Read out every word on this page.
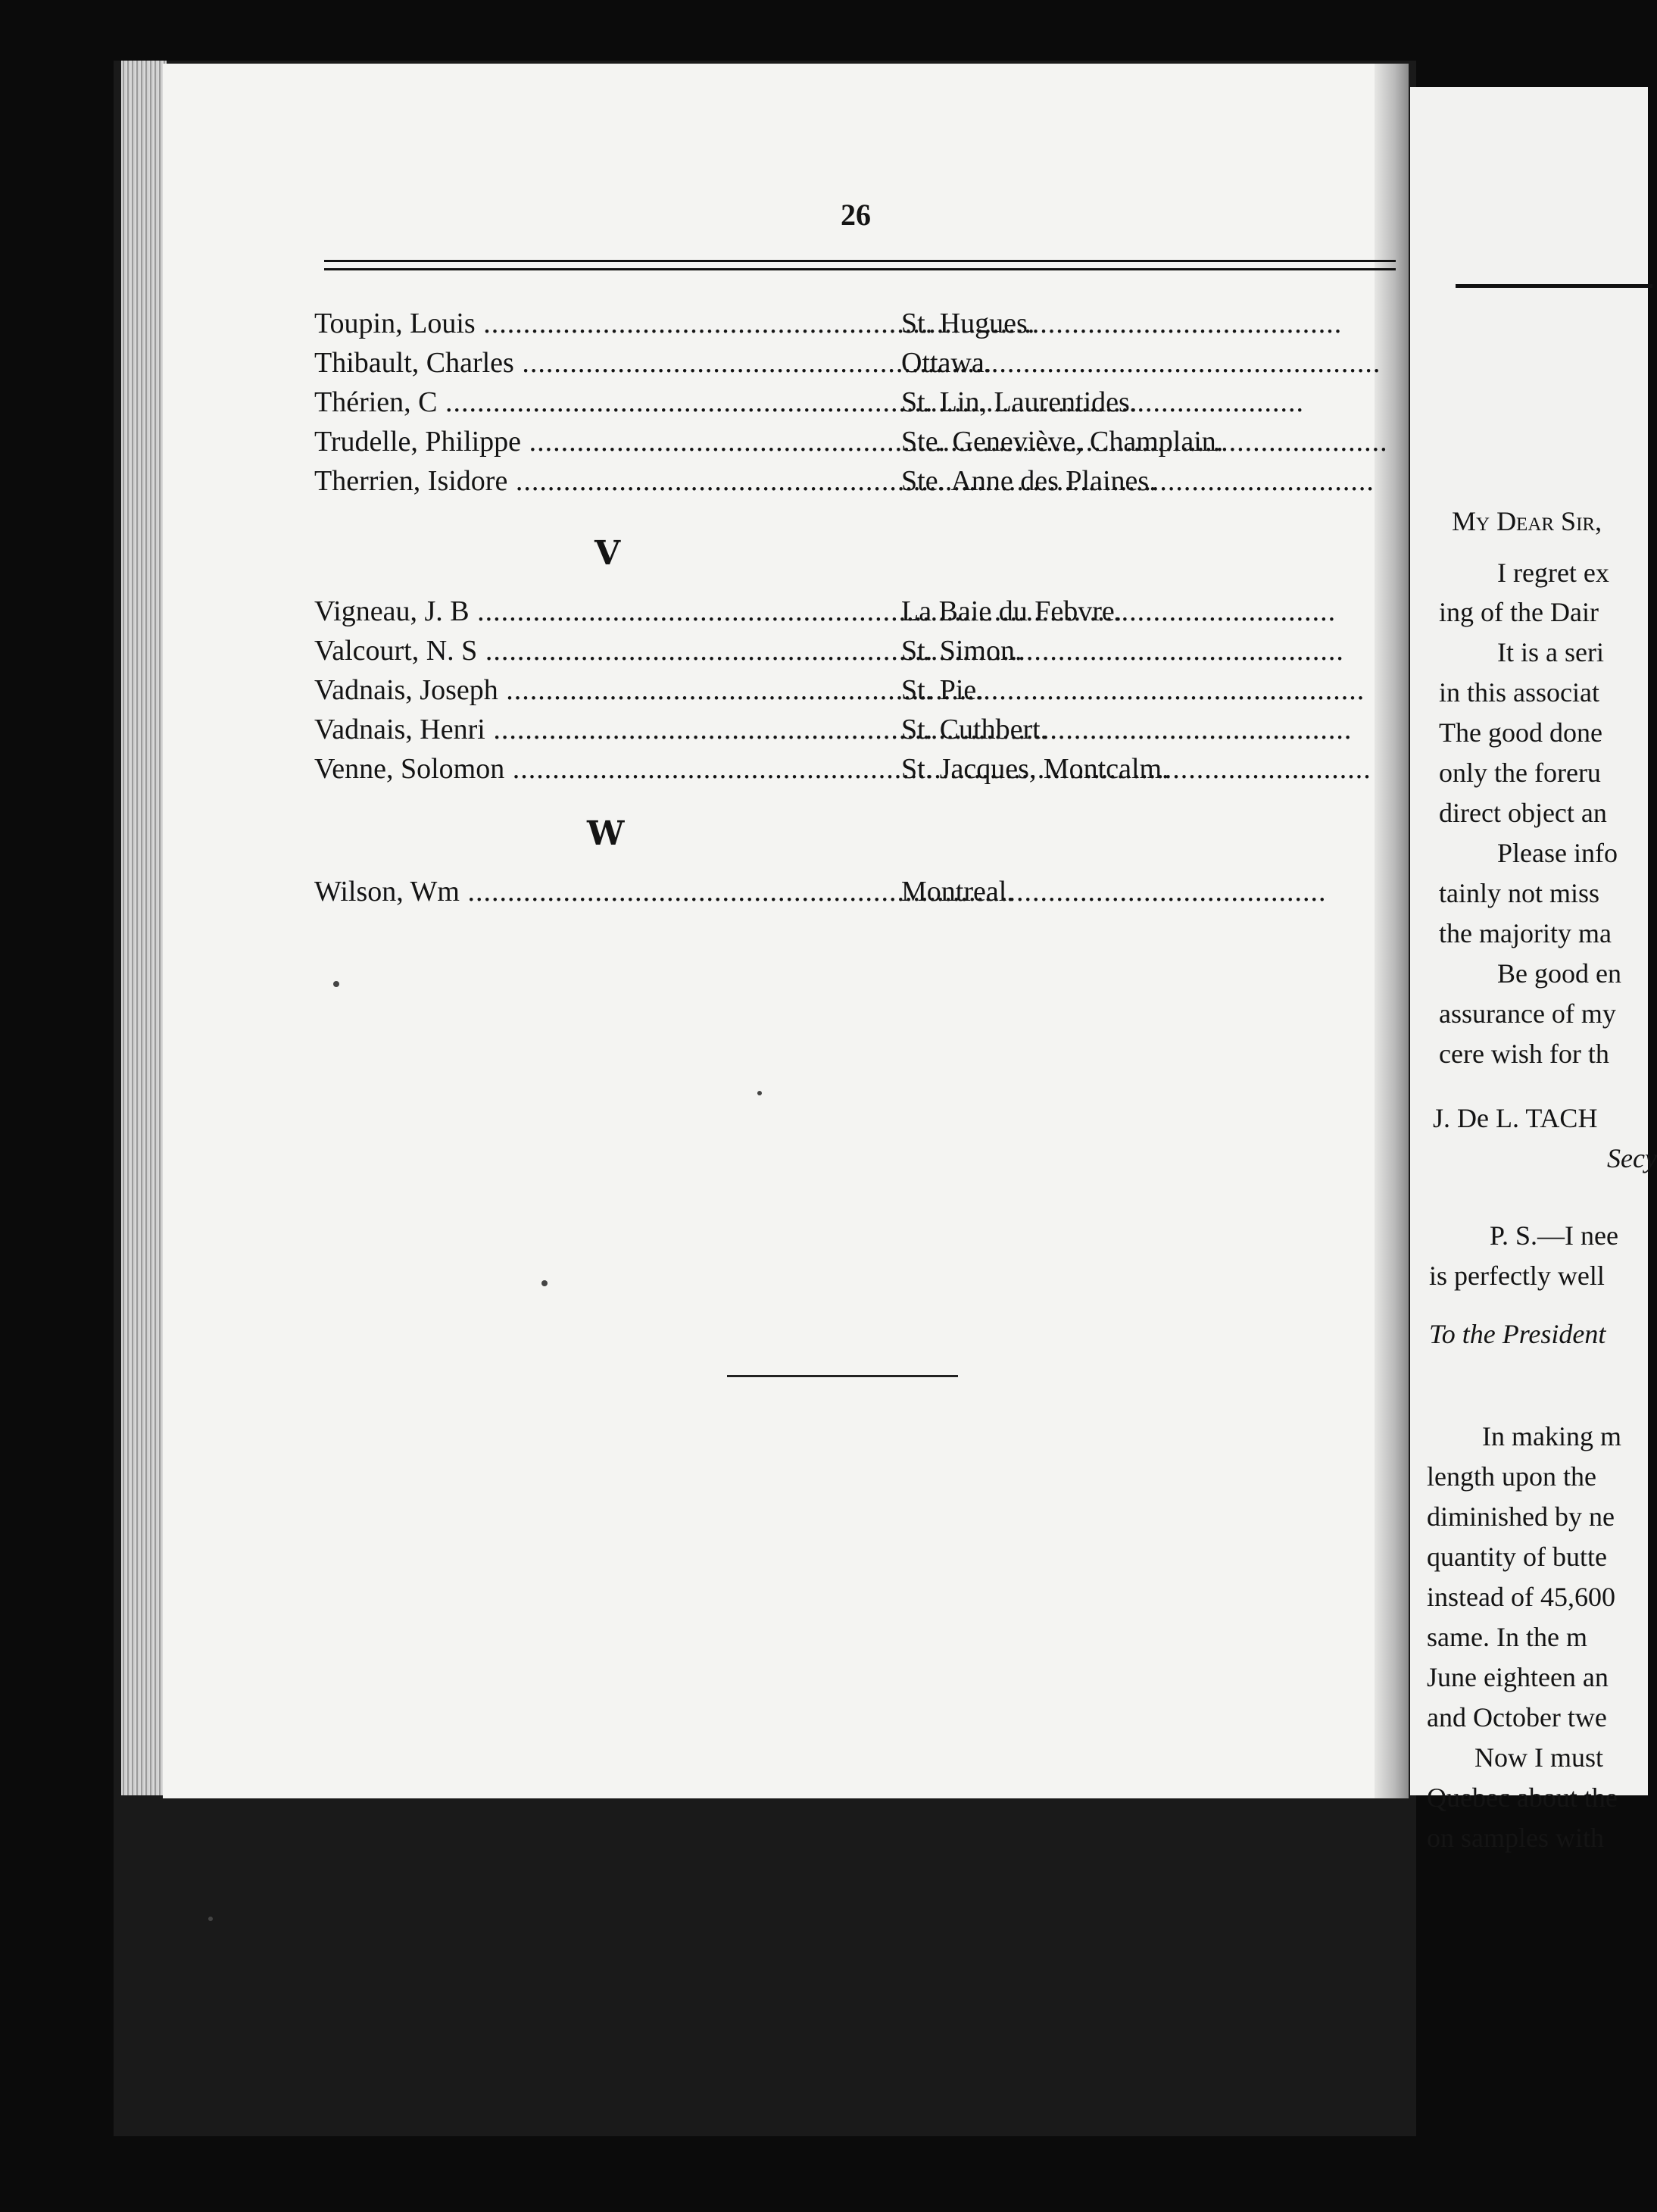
26
Toupin, Louis .....	St. Hugues.
Thibault, Charles .....	Ottawa.
Thérien, C .....	St. Lin, Laurentides.
Trudelle, Philippe .....	Ste. Geneviève, Champlain.
Therrien, Isidore .....	Ste. Anne des Plaines.
V
Vigneau, J. B .....	La Baie du Febvre.
Valcourt, N. S .....	St. Simon.
Vadnais, Joseph .....	St. Pie.
Vadnais, Henri .....	St. Cuthbert.
Venne, Solomon .....	St. Jacques, Montcalm.
W
Wilson, Wm .....	Montreal.
My Dear Sir,
I regret ex
ing of the Dair
It is a seri
in this associat
The good done
only the foreru
direct object an
Please info
tainly not miss
the majority ma
Be good en
assurance of my
cere wish for th
J. De L. TACH
Secy
P. S.—I nee
is perfectly well
To the President
In making m
length upon the
diminished by ne
quantity of butte
instead of 45,600
same. In the m
June eighteen an
and October twe
Now I must
Quebec about the
on samples with
